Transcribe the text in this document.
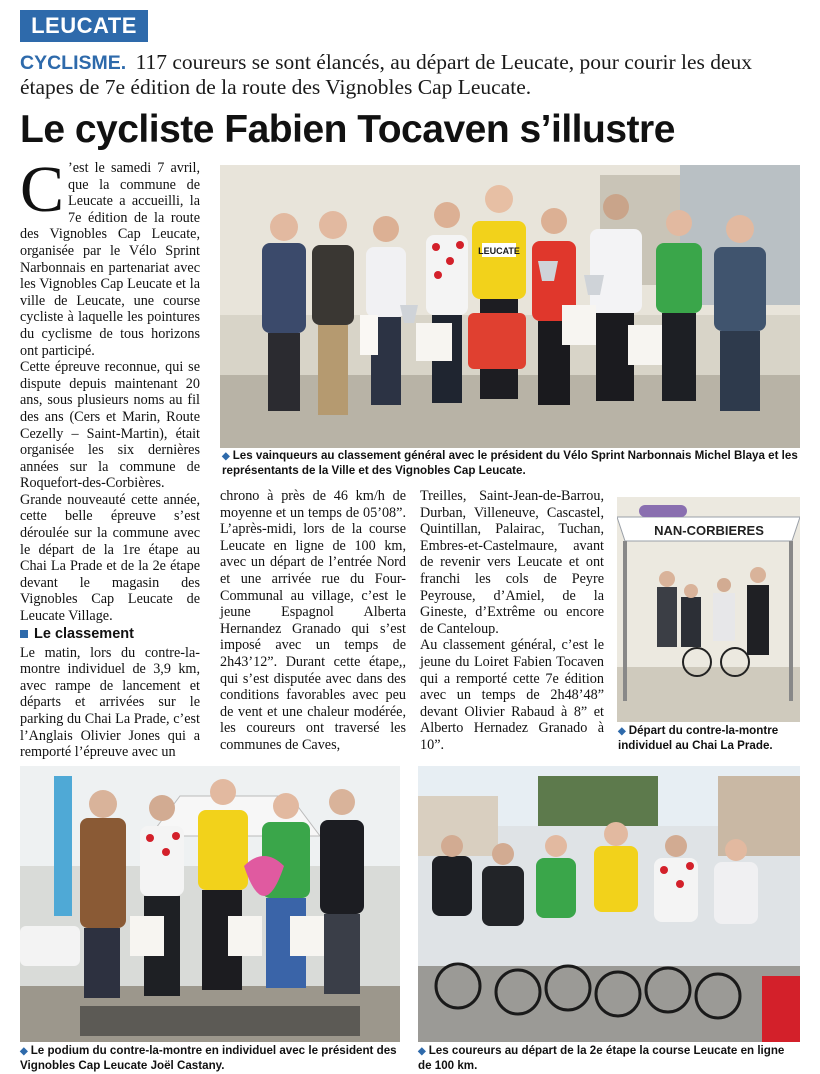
LEUCATE
CYCLISME. 117 coureurs se sont élancés, au départ de Leucate, pour courir les deux étapes de 7e édition de la route des Vignobles Cap Leucate.
Le cycliste Fabien Tocaven s’illustre

C ’est le samedi 7 avril, que la commune de Leucate a accueilli, la 7e édition de la route des Vignobles Cap Leucate, organisée par le Vélo Sprint Narbonnais en partenariat avec les Vignobles Cap Leucate et la ville de Leucate, une course cycliste à laquelle les pointures du cyclisme de tous horizons ont participé.

Cette épreuve reconnue, qui se dispute depuis maintenant 20 ans, sous plusieurs noms au fil des ans (Cers et Marin, Route Cezelly – Saint-Martin), était organisée les six dernières années sur la commune de Roquefort-des-Corbières. Grande nouveauté cette année, cette belle épreuve s’est déroulée sur la commune avec le départ de la 1re étape au Chai La Prade et de la 2e étape devant le magasin des Vignobles Cap Leucate de Leucate Village.

Le classement

Le matin, lors du contre-la-montre individuel de 3,9 km, avec rampe de lancement et départs et arrivées sur le parking du Chai La Prade, c’est l’Anglais Olivier Jones qui a remporté l’épreuve avec un

chrono à près de 46 km/h de moyenne et un temps de 05’08”. L’après-midi, lors de la course Leucate en ligne de 100 km, avec un départ de l’entrée Nord et une arrivée rue du Four-Communal au village, c’est le jeune Espagnol Alberta Hernandez Granado qui s’est imposé avec un temps de 2h43’12”. Durant cette étape,, qui s’est disputée avec dans des conditions favorables avec peu de vent et une chaleur modérée, les coureurs ont traversé les communes de Caves,

Treilles, Saint-Jean-de-Barrou, Durban, Villeneuve, Cascastel, Quintillan, Palairac, Tuchan, Embres-et-Castelmaure, avant de revenir vers Leucate et ont franchi les cols de Peyre Peyrouse, d’Amiel, de la Gineste, d’Extrême ou encore de Canteloup.

Au classement général, c’est le jeune du Loiret Fabien Tocaven qui a remporté cette 7e édition avec un temps de 2h48’48” devant Olivier Rabaud à 8” et Alberto Hernadez Granado à 10”.

LEUCATE
◆ Les vainqueurs au classement général avec le président du Vélo Sprint Narbonnais Michel Blaya et les représentants de la Ville et des Vignobles Cap Leucate.
NAN-CORBIERES
◆ Départ du contre-la-montre individuel au Chai La Prade.
◆ Le podium du contre-la-montre en individuel avec le président des Vignobles Cap Leucate Joël Castany.
◆ Les coureurs au départ de la 2e étape la course Leucate en ligne de 100 km.
